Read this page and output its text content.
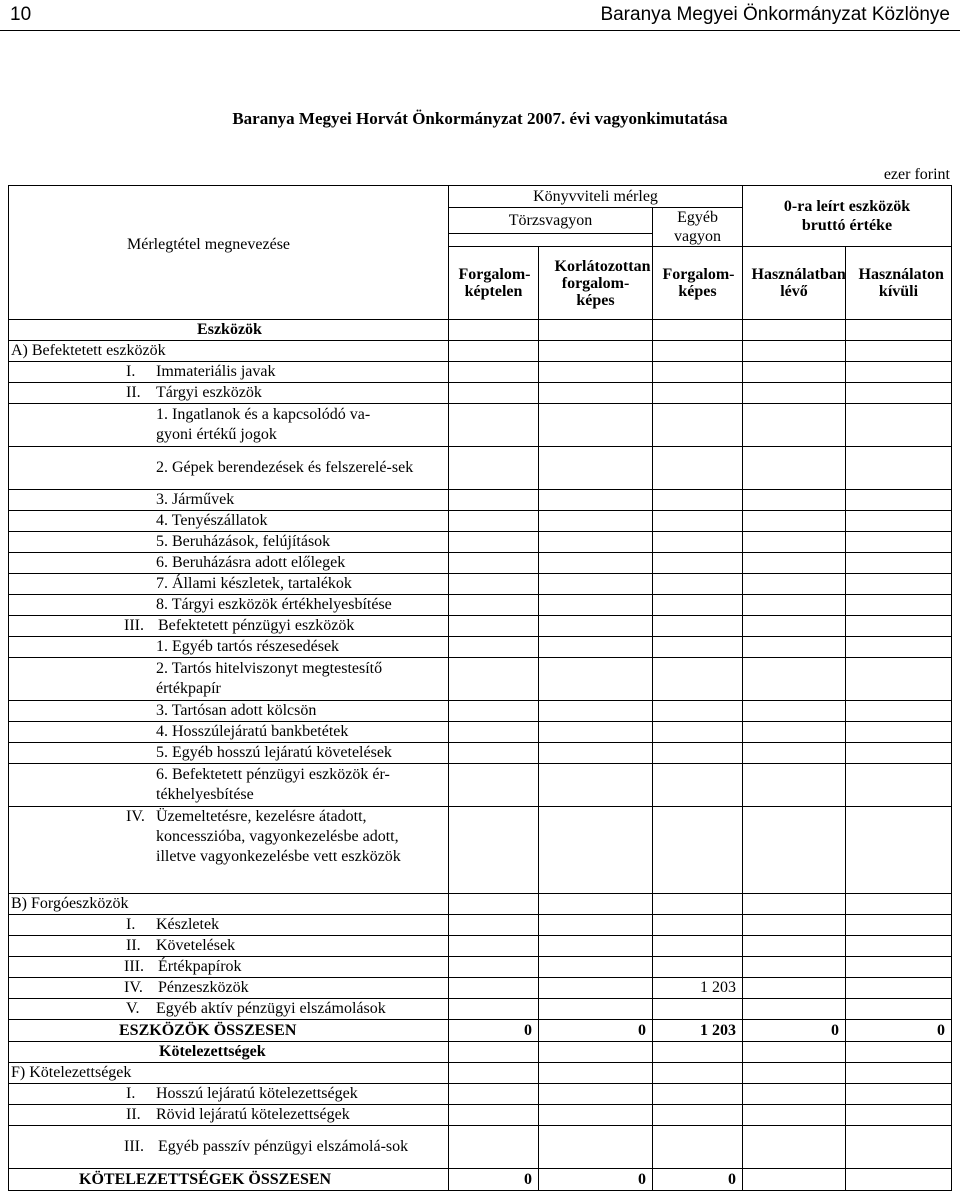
10	Baranya Megyei Önkormányzat Közlönye
Baranya Megyei Horvát Önkormányzat 2007. évi vagyonkimutatása
ezer forint
Mérlegtétel megnevezése	Könyvviteli mérleg			0-ra leírt eszközök bruttó értéke	

	Törzsvagyon		Egyéb vagyon		

	Forgalom-képtelen	Korlátozottan forgalom-képes	Forgalom-képes	Használatban lévő	Használaton kívüli

Eszközök					
A) Befektetett eszközök					

I. Immateriális javak					

II. Tárgyi eszközök					

1. Ingatlanok és a kapcsolódó va-gyoni értékű jogok					

2. Gépek berendezések és felszerelé-sek					

3. Járművek					
4. Tenyészállatok					
5. Beruházások, felújítások					
6. Beruházásra adott előlegek					
7. Állami készletek, tartalékok					
8. Tárgyi eszközök értékhelyesbítése					

III. Befektetett pénzügyi eszközök					

1. Egyéb tartós részesedések					

2. Tartós hitelviszonyt megtestesítő értékpapír					

3. Tartósan adott kölcsön					
4. Hosszúlejáratú bankbetétek					
5. Egyéb hosszú lejáratú követelések					

6. Befektetett pénzügyi eszközök ér-tékhelyesbítése					

IV. Üzemeltetésre, kezelésre átadott, koncesszióba, vagyonkezelésbe adott, illetve vagyonkezelésbe vett eszközök					

B) Forgóeszközök					

I. Készletek					

II. Követelések					

III. Értékpapírok					

IV. Pénzeszközök			1 203		

V. Egyéb aktív pénzügyi elszámolások					

ESZKÖZÖK ÖSSZESEN	0	0	1 203	0	0
Kötelezettségek					
F) Kötelezettségek					

I. Hosszú lejáratú kötelezettségek					

II. Rövid lejáratú kötelezettségek					

III. Egyéb passzív pénzügyi elszámolá-sok					

KÖTELEZETTSÉGEK ÖSSZESEN	0	0	0		
